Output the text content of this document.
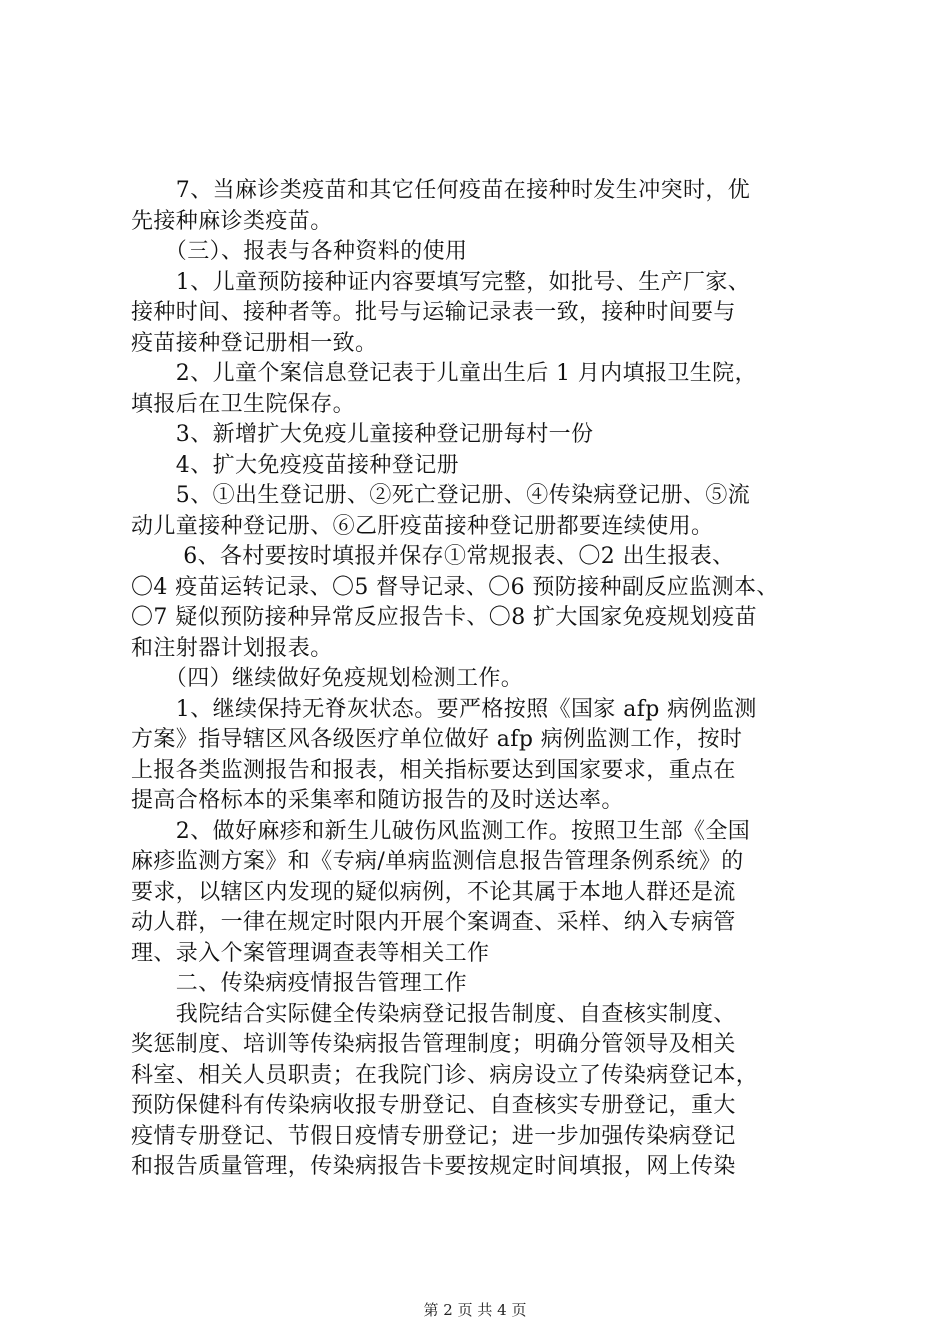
　　7、当麻诊类疫苗和其它任何疫苗在接种时发生冲突时，优
先接种麻诊类疫苗。
　　（三）、报表与各种资料的使用
　　1、儿童预防接种证内容要填写完整，如批号、生产厂家、
接种时间、接种者等。批号与运输记录表一致，接种时间要与
疫苗接种登记册相一致。
　　2、儿童个案信息登记表于儿童出生后 1 月内填报卫生院，
填报后在卫生院保存。
　　3、新增扩大免疫儿童接种登记册每村一份
　　4、扩大免疫疫苗接种登记册
　　5、①出生登记册、②死亡登记册、④传染病登记册、⑤流
动儿童接种登记册、⑥乙肝疫苗接种登记册都要连续使用。
　　 6、各村要按时填报并保存①常规报表、〇2 出生报表、
〇4 疫苗运转记录、〇5 督导记录、〇6 预防接种副反应监测本、
〇7 疑似预防接种异常反应报告卡、〇8 扩大国家免疫规划疫苗
和注射器计划报表。
　　（四）继续做好免疫规划检测工作。
　　1、继续保持无脊灰状态。要严格按照《国家 afp 病例监测
方案》指导辖区风各级医疗单位做好 afp 病例监测工作，按时
上报各类监测报告和报表，相关指标要达到国家要求，重点在
提高合格标本的采集率和随访报告的及时送达率。
　　2、做好麻疹和新生儿破伤风监测工作。按照卫生部《全国
麻疹监测方案》和《专病/单病监测信息报告管理条例系统》的
要求，以辖区内发现的疑似病例，不论其属于本地人群还是流
动人群，一律在规定时限内开展个案调查、采样、纳入专病管
理、录入个案管理调查表等相关工作
　　二、传染病疫情报告管理工作
　　我院结合实际健全传染病登记报告制度、自查核实制度、
奖惩制度、培训等传染病报告管理制度；明确分管领导及相关
科室、相关人员职责；在我院门诊、病房设立了传染病登记本，
预防保健科有传染病收报专册登记、自查核实专册登记，重大
疫情专册登记、节假日疫情专册登记；进一步加强传染病登记
和报告质量管理，传染病报告卡要按规定时间填报，网上传染
第 2 页 共 4 页
